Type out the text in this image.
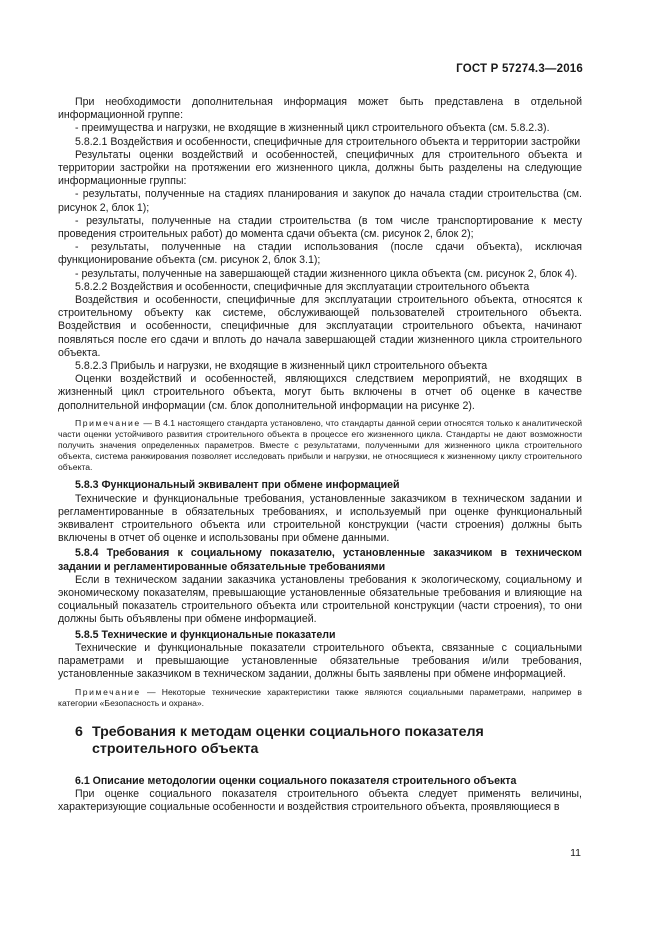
ГОСТ Р 57274.3—2016

При необходимости дополнительная информация может быть представлена в отдельной информационной группе:

- преимущества и нагрузки, не входящие в жизненный цикл строительного объекта (см. 5.8.2.3).

5.8.2.1 Воздействия и особенности, специфичные для строительного объекта и территории застройки

Результаты оценки воздействий и особенностей, специфичных для строительного объекта и территории застройки на протяжении его жизненного цикла, должны быть разделены на следующие информационные группы:

- результаты, полученные на стадиях планирования и закупок до начала стадии строительства (см. рисунок 2, блок 1);

- результаты, полученные на стадии строительства (в том числе транспортирование к месту проведения строительных работ) до момента сдачи объекта (см. рисунок 2, блок 2);

- результаты, полученные на стадии использования (после сдачи объекта), исключая функционирование объекта (см. рисунок 2, блок 3.1);

- результаты, полученные на завершающей стадии жизненного цикла объекта (см. рисунок 2, блок 4).

5.8.2.2 Воздействия и особенности, специфичные для эксплуатации строительного объекта

Воздействия и особенности, специфичные для эксплуатации строительного объекта, относятся к строительному объекту как системе, обслуживающей пользователей строительного объекта. Воздействия и особенности, специфичные для эксплуатации строительного объекта, начинают появляться после его сдачи и вплоть до начала завершающей стадии жизненного цикла строительного объекта.

5.8.2.3 Прибыль и нагрузки, не входящие в жизненный цикл строительного объекта

Оценки воздействий и особенностей, являющихся следствием мероприятий, не входящих в жизненный цикл строительного объекта, могут быть включены в отчет об оценке в качестве дополнительной информации (см. блок дополнительной информации на рисунке 2).

Примечание — В 4.1 настоящего стандарта установлено, что стандарты данной серии относятся только к аналитической части оценки устойчивого развития строительного объекта в процессе его жизненного цикла. Стандарты не дают возможности получить значения определенных параметров. Вместе с результатами, полученными для жизненного цикла строительного объекта, система ранжирования позволяет исследовать прибыли и нагрузки, не относящиеся к жизненному циклу строительного объекта.

5.8.3 Функциональный эквивалент при обмене информацией

Технические и функциональные требования, установленные заказчиком в техническом задании и регламентированные в обязательных требованиях, и используемый при оценке функциональный эквивалент строительного объекта или строительной конструкции (части строения) должны быть включены в отчет об оценке и использованы при обмене данными.

5.8.4 Требования к социальному показателю, установленные заказчиком в техническом задании и регламентированные обязательные требованиями

Если в техническом задании заказчика установлены требования к экологическому, социальному и экономическому показателям, превышающие установленные обязательные требования и влияющие на социальный показатель строительного объекта или строительной конструкции (части строения), то они должны быть объявлены при обмене информацией.

5.8.5 Технические и функциональные показатели

Технические и функциональные показатели строительного объекта, связанные с социальными параметрами и превышающие установленные обязательные требования и/или требования, установленные заказчиком в техническом задании, должны быть заявлены при обмене информацией.

Примечание — Некоторые технические характеристики также являются социальными параметрами, например в категории «Безопасность и охрана».

6 Требования к методам оценки социального показателя строительного объекта

6.1 Описание методологии оценки социального показателя строительного объекта

При оценке социального показателя строительного объекта следует применять величины, характеризующие социальные особенности и воздействия строительного объекта, проявляющиеся в

11
